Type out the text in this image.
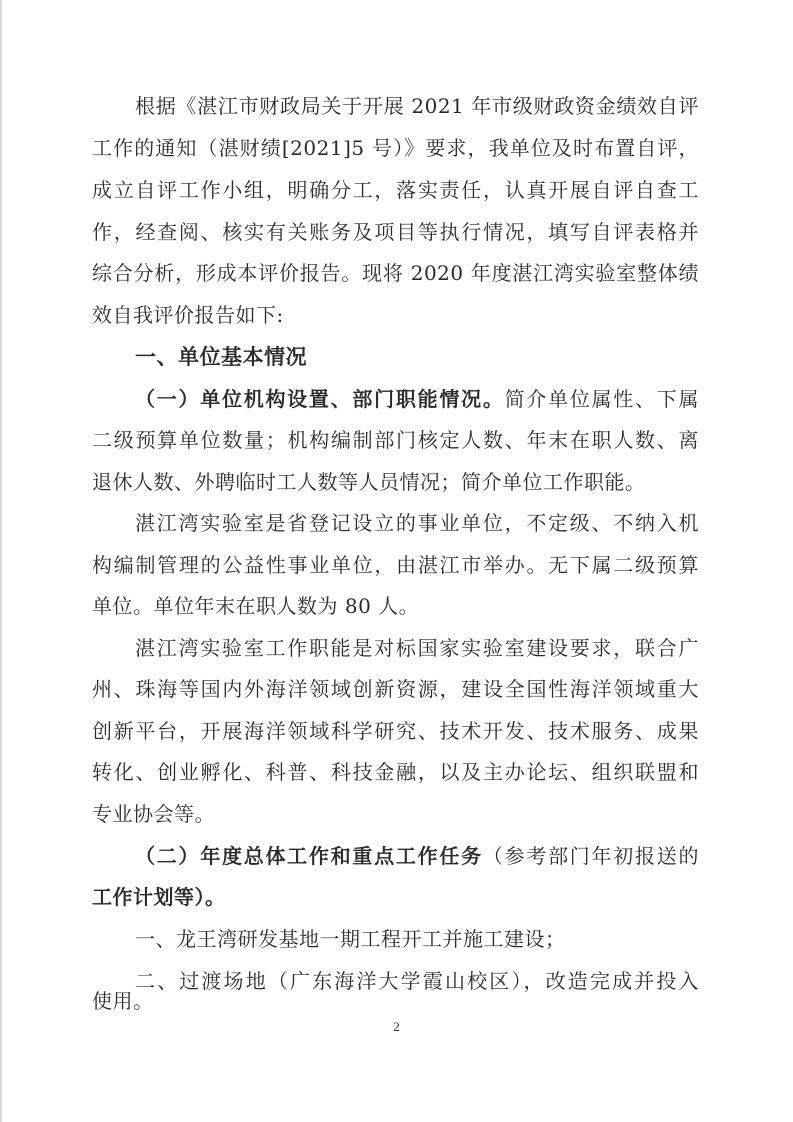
根据《湛江市财政局关于开展 2021 年市级财政资金绩效自评
工作的通知（湛财绩[2021]5 号）》要求，我单位及时布置自评，
成立自评工作小组，明确分工，落实责任，认真开展自评自查工
作，经查阅、核实有关账务及项目等执行情况，填写自评表格并
综合分析，形成本评价报告。现将 2020 年度湛江湾实验室整体绩
效自我评价报告如下:
一、单位基本情况
（一）单位机构设置、部门职能情况。简介单位属性、下属
二级预算单位数量；机构编制部门核定人数、年末在职人数、离
退休人数、外聘临时工人数等人员情况；简介单位工作职能。
湛江湾实验室是省登记设立的事业单位，不定级、不纳入机
构编制管理的公益性事业单位，由湛江市举办。无下属二级预算
单位。单位年末在职人数为 80 人。
湛江湾实验室工作职能是对标国家实验室建设要求，联合广
州、珠海等国内外海洋领域创新资源，建设全国性海洋领域重大
创新平台，开展海洋领域科学研究、技术开发、技术服务、成果
转化、创业孵化、科普、科技金融，以及主办论坛、组织联盟和
专业协会等。
（二）年度总体工作和重点工作任务（参考部门年初报送的
工作计划等）。
一、龙王湾研发基地一期工程开工并施工建设；
二、过渡场地（广东海洋大学霞山校区），改造完成并投入
2
使用。
